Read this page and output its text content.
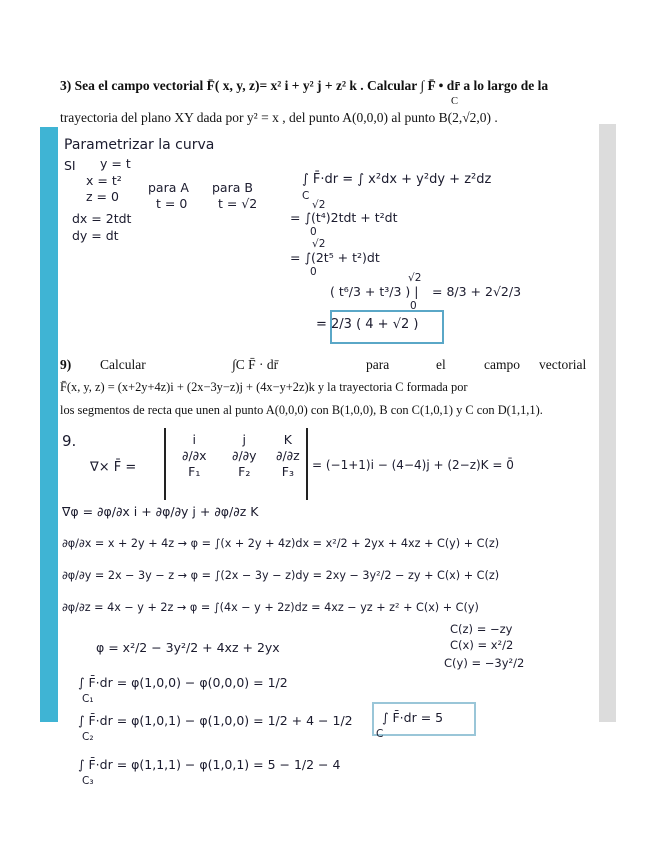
3) Sea el campo vectorial F̄( x, y, z)= x² i + y² j + z² k . Calcular ∫ F̄ • dr̄ a lo largo de la
C
trayectoria del plano XY dada por y² = x , del punto A(0,0,0) al punto B(2,√2,0) .
Parametrizar la curva
SI y = t
x = t²
z = 0
para A
t = 0
para B
t = √2
dx = 2tdt
dy = dt
∫ F̄·dr = ∫ x²dx + y²dy + z²dz
C
√2
= ∫(t⁴)2tdt + t²dt
0
√2
= ∫(2t⁵ + t²)dt
0
( t⁶/3 + t³/3 ) |
√2
0
= 8/3 + 2√2/3
= 2/3 ( 4 + √2 )
9) Calcular	∫C F̄ · dr̄	para	el	campo vectorial
F̄(x, y, z) = (x+2y+4z)i + (2x−3y−z)j + (4x−y+2z)k y la trayectoria C formada por
los segmentos de recta que unen al punto A(0,0,0) con B(1,0,0), B con C(1,0,1) y C con D(1,1,1).
9.
∇× F̄ =
i
∂/∂x
F₁
j
∂/∂y
F₂
K
∂/∂z
F₃	= (−1+1)i − (4−4)j + (2−z)K = 0̄
∇φ = ∂φ/∂x i + ∂φ/∂y j + ∂φ/∂z K
∂φ/∂x = x + 2y + 4z → φ = ∫(x + 2y + 4z)dx = x²/2 + 2yx + 4xz + C(y) + C(z)
∂φ/∂y = 2x − 3y − z → φ = ∫(2x − 3y − z)dy = 2xy − 3y²/2 − zy + C(x) + C(z)
∂φ/∂z = 4x − y + 2z → φ = ∫(4x − y + 2z)dz = 4xz − yz + z² + C(x) + C(y)
φ = x²/2 − 3y²/2 + 4xz + 2yx
C(z) = −zy
C(x) = x²/2
C(y) = −3y²/2
∫ F̄·dr = φ(1,0,0) − φ(0,0,0) = 1/2
C₁
∫ F̄·dr = φ(1,0,1) − φ(1,0,0) = 1/2 + 4 − 1/2
C₂
∫ F̄·dr = φ(1,1,1) − φ(1,0,1) = 5 − 1/2 − 4
C₃
∫ F̄·dr = 5
C
